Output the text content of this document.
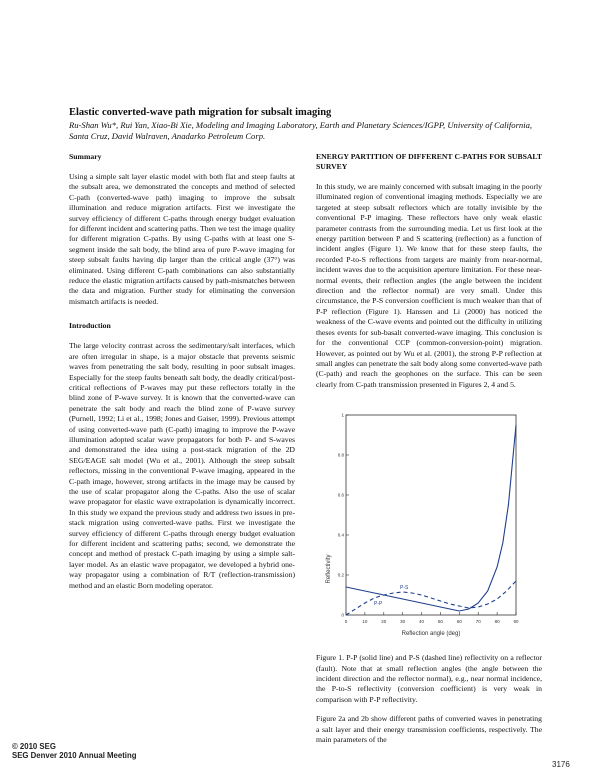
Elastic converted-wave path migration for subsalt imaging
Ru-Shan Wu*, Rui Yan, Xiao-Bi Xie, Modeling and Imaging Laboratory, Earth and Planetary Sciences/IGPP, University of California, Santa Cruz, David Walraven, Anadarko Petroleum Corp.
Summary

Using a simple salt layer elastic model with both flat and steep faults at the subsalt area, we demonstrated the concepts and method of selected C-path (converted-wave path) imaging to improve the subsalt illumination and reduce migration artifacts. First we investigate the survey efficiency of different C-paths through energy budget evaluation for different incident and scattering paths. Then we test the image quality for different migration C-paths. By using C-paths with at least one S-segment inside the salt body, the blind area of pure P-wave imaging for steep subsalt faults having dip larger than the critical angle (37°) was eliminated. Using different C-path combinations can also substantially reduce the elastic migration artifacts caused by path-mismatches between the data and migration. Further study for eliminating the conversion mismatch artifacts is needed.

Introduction

The large velocity contrast across the sedimentary/salt interfaces, which are often irregular in shape, is a major obstacle that prevents seismic waves from penetrating the salt body, resulting in poor subsalt images. Especially for the steep faults beneath salt body, the deadly critical/post-critical reflections of P-waves may put these reflectors totally in the blind zone of P-wave survey. It is known that the converted-wave can penetrate the salt body and reach the blind zone of P-wave survey (Purnell, 1992; Li et al., 1998; Jones and Gaiser, 1999). Previous attempt of using converted-wave path (C-path) imaging to improve the P-wave illumination adopted scalar wave propagators for both P- and S-waves and demonstrated the idea using a post-stack migration of the 2D SEG/EAGE salt model (Wu et al., 2001). Although the steep subsalt reflectors, missing in the conventional P-wave imaging, appeared in the C-path image, however, strong artifacts in the image may be caused by the use of scalar propagator along the C-paths. Also the use of scalar wave propagator for elastic wave extrapolation is dynamically incorrect. In this study we expand the previous study and address two issues in pre-stack migration using converted-wave paths. First we investigate the survey efficiency of different C-paths through energy budget evaluation for different incident and scattering paths; second, we demonstrate the concept and method of prestack C-path imaging by using a simple salt-layer model. As an elastic wave propagator, we developed a hybrid one-way propagator using a combination of R/T (reflection-transmission) method and an elastic Born modeling operator.

ENERGY PARTITION OF DIFFERENT C-PATHS FOR SUBSALT SURVEY

In this study, we are mainly concerned with subsalt imaging in the poorly illuminated region of conventional imaging methods. Especially we are targeted at steep subsalt reflectors which are totally invisible by the conventional P-P imaging. These reflectors have only weak elastic parameter contrasts from the surrounding media. Let us first look at the energy partition between P and S scattering (reflection) as a function of incident angles (Figure 1). We know that for these steep faults, the recorded P-to-S reflections from targets are mainly from near-normal, incident waves due to the acquisition aperture limitation. For these near-normal events, their reflection angles (the angle between the incident direction and the reflector normal) are very small. Under this circumstance, the P-S conversion coefficient is much weaker than that of P-P reflection (Figure 1). Hanssen and Li (2000) has noticed the weakness of the C-wave events and pointed out the difficulty in utilizing theses events for sub-basalt converted-wave imaging. This conclusion is for the conventional CCP (common-conversion-point) migration. However, as pointed out by Wu et al. (2001), the strong P-P reflection at small angles can penetrate the salt body along some converted-wave path (C-path) and reach the geophones on the surface. This can be seen clearly from C-path transmission presented in Figures 2, 4 and 5.

0	10	20	30	40	50	60	70	80	90
0
0.2
0.4
0.6
0.8
1
P-S
P-P
Reflection angle (deg)
Reflectivity

Figure 1. P-P (solid line) and P-S (dashed line) reflectivity on a reflector (fault). Note that at small reflection angles (the angle between the incident direction and the reflector normal), e.g., near normal incidence, the P-to-S reflectivity (conversion coefficient) is very weak in comparison with P-P reflectivity.

Figure 2a and 2b show different paths of converted waves in penetrating a salt layer and their energy transmission coefficients, respectively. The main parameters of the

© 2010 SEG
SEG Denver 2010 Annual Meeting
3176
